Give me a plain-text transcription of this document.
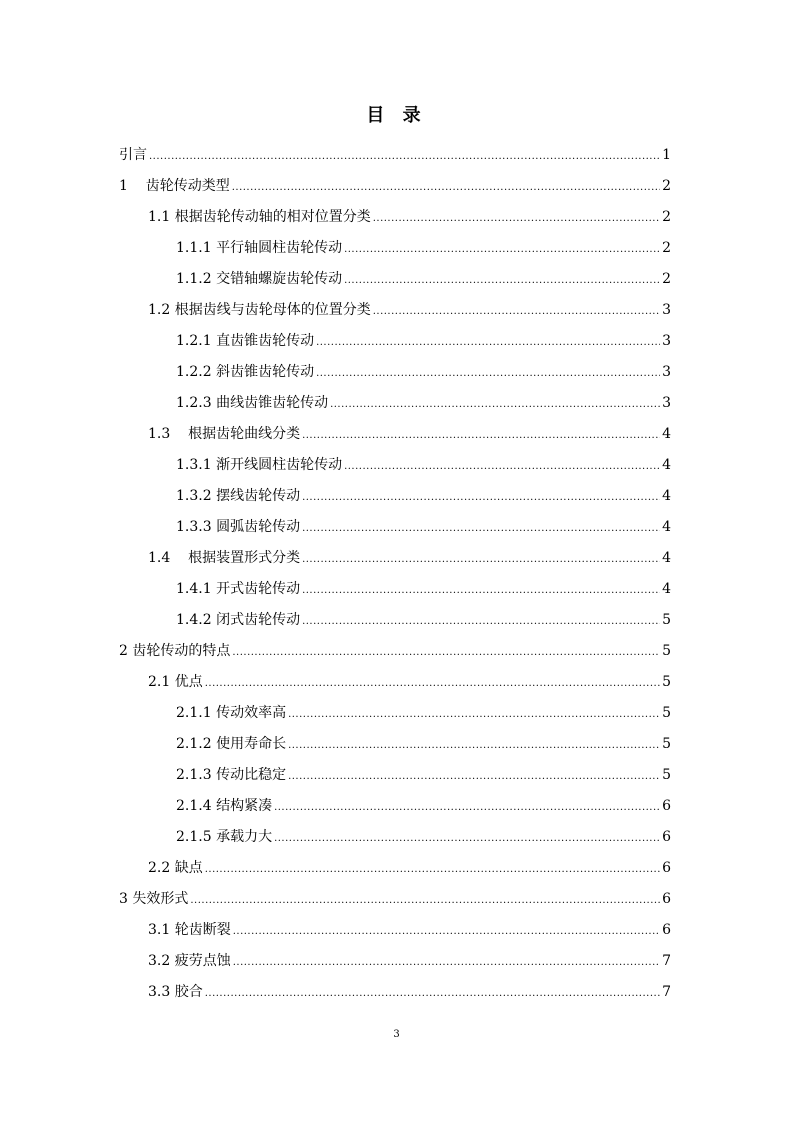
目 录
引言 .....	1
1    齿轮传动类型 .....	2
1.1 根据齿轮传动轴的相对位置分类 .....	2
1.1.1 平行轴圆柱齿轮传动 .....	2
1.1.2 交错轴螺旋齿轮传动 .....	2
1.2 根据齿线与齿轮母体的位置分类 .....	3
1.2.1 直齿锥齿轮传动 .....	3
1.2.2 斜齿锥齿轮传动 .....	3
1.2.3 曲线齿锥齿轮传动 .....	3
1.3    根据齿轮曲线分类 .....	4
1.3.1 渐开线圆柱齿轮传动 .....	4
1.3.2 摆线齿轮传动 .....	4
1.3.3 圆弧齿轮传动 .....	4
1.4    根据装置形式分类 .....	4
1.4.1 开式齿轮传动 .....	4
1.4.2 闭式齿轮传动 .....	5
2 齿轮传动的特点 .....	5
2.1 优点 .....	5
2.1.1 传动效率高 .....	5
2.1.2 使用寿命长 .....	5
2.1.3 传动比稳定 .....	5
2.1.4 结构紧凑 .....	6
2.1.5 承载力大 .....	6
2.2 缺点 .....	6
3 失效形式 .....	6
3.1 轮齿断裂 .....	6
3.2 疲劳点蚀 .....	7
3.3 胶合 .....	7
3
